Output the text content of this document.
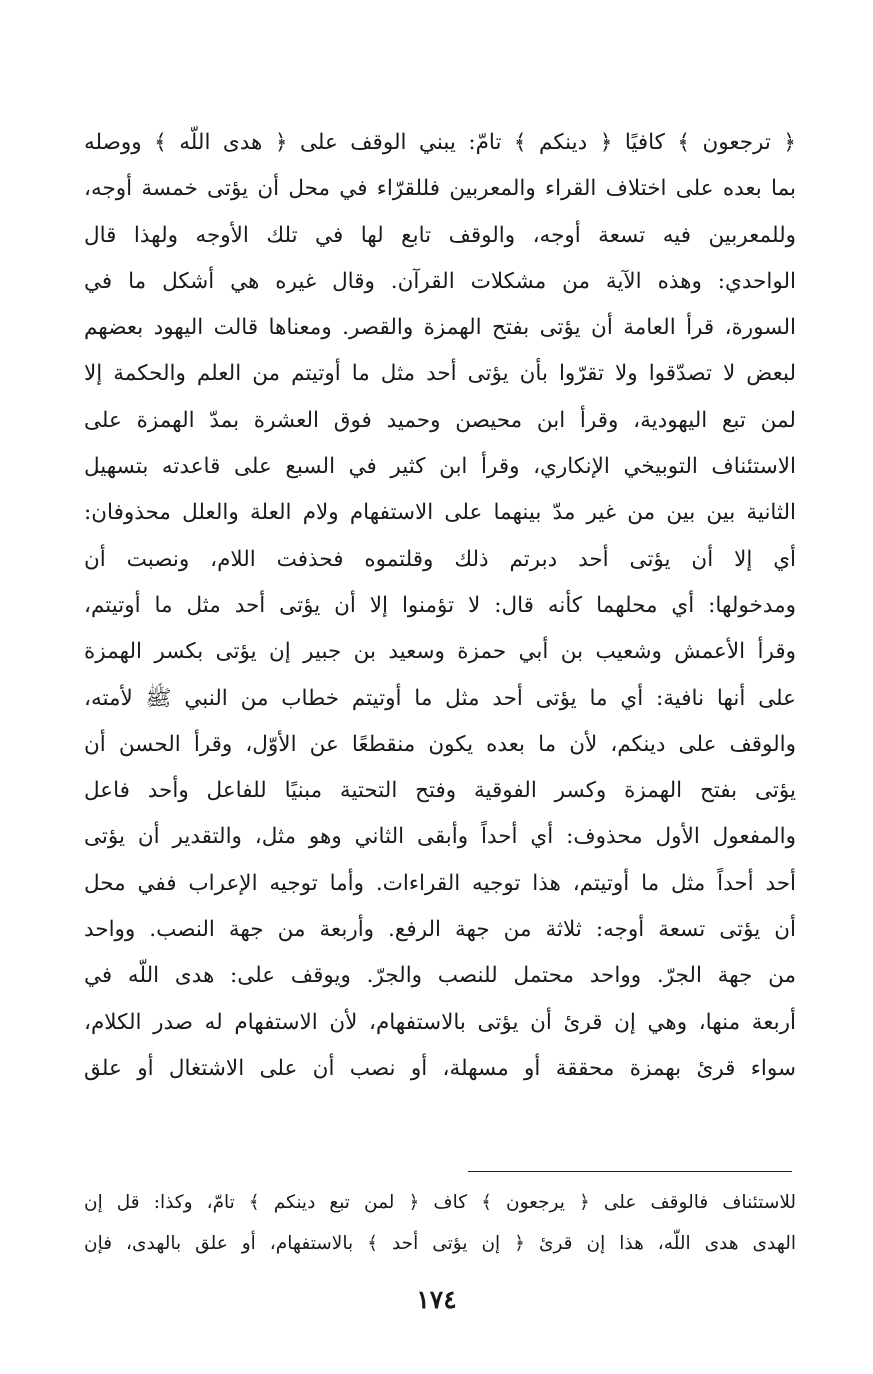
﴿ ترجعون ﴾ كافيًا ﴿ دينكم ﴾ تامّ: يبني الوقف على ﴿ هدى اللّه ﴾ ووصله
بما بعده على اختلاف القراء والمعربين فللقرّاء في محل أن يؤتى خمسة أوجه،
وللمعربين فيه تسعة أوجه، والوقف تابع لها في تلك الأوجه ولهذا قال
الواحدي: وهذه الآية من مشكلات القرآن. وقال غيره هي أشكل ما في
السورة، قرأ العامة أن يؤتى بفتح الهمزة والقصر. ومعناها قالت اليهود بعضهم
لبعض لا تصدّقوا ولا تقرّوا بأن يؤتى أحد مثل ما أوتيتم من العلم والحكمة إلا
لمن تبع اليهودية، وقرأ ابن محيصن وحميد فوق العشرة بمدّ الهمزة على
الاستئناف التوبيخي الإنكاري، وقرأ ابن كثير في السبع على قاعدته بتسهيل
الثانية بين بين من غير مدّ بينهما على الاستفهام ولام العلة والعلل محذوفان:
أي إلا أن يؤتى أحد دبرتم ذلك وقلتموه فحذفت اللام، ونصبت أن
ومدخولها: أي محلهما كأنه قال: لا تؤمنوا إلا أن يؤتى أحد مثل ما أوتيتم،
وقرأ الأعمش وشعيب بن أبي حمزة وسعيد بن جبير إن يؤتى بكسر الهمزة
على أنها نافية: أي ما يؤتى أحد مثل ما أوتيتم خطاب من النبي ﷺ لأمته،
والوقف على دينكم، لأن ما بعده يكون منقطعًا عن الأوّل، وقرأ الحسن أن
يؤتى بفتح الهمزة وكسر الفوقية وفتح التحتية مبنيًا للفاعل وأحد فاعل
والمفعول الأول محذوف: أي أحداً وأبقى الثاني وهو مثل، والتقدير أن يؤتى
أحد أحداً مثل ما أوتيتم، هذا توجيه القراءات. وأما توجيه الإعراب ففي محل
أن يؤتى تسعة أوجه: ثلاثة من جهة الرفع. وأربعة من جهة النصب. وواحد
من جهة الجرّ. وواحد محتمل للنصب والجرّ. ويوقف على: هدى اللّه في
أربعة منها، وهي إن قرئ أن يؤتى بالاستفهام، لأن الاستفهام له صدر الكلام،
سواء قرئ بهمزة محققة أو مسهلة، أو نصب أن على الاشتغال أو علق
للاستئناف فالوقف على ﴿ يرجعون ﴾ كاف ﴿ لمن تبع دينكم ﴾ تامّ، وكذا: قل إن
الهدى هدى اللّه، هذا إن قرئ ﴿ إن يؤتى أحد ﴾ بالاستفهام، أو علق بالهدى، فإن
١٧٤
